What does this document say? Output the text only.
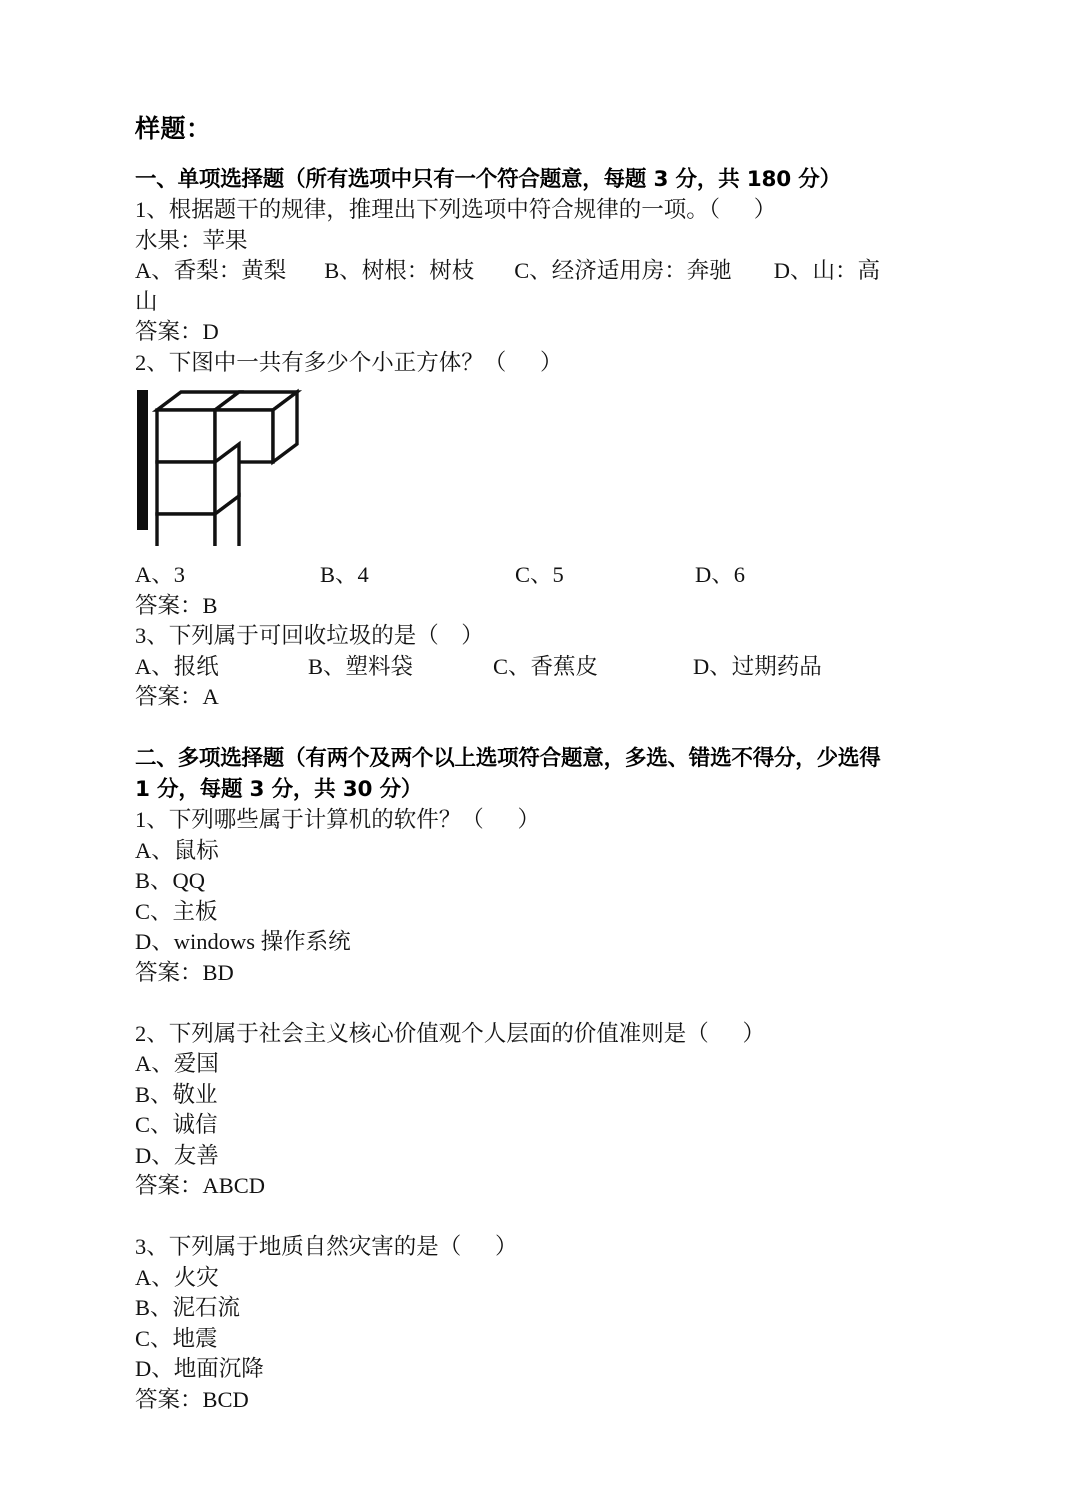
样题：

一、单项选择题（所有选项中只有一个符合题意，每题 3 分，共 180 分）

1、根据题干的规律，推理出下列选项中符合规律的一项。（      ）

水果：苹果

A、香梨：黄梨 B、树根：树枝 C、经济适用房：奔驰 D、山：高

山

答案：D

2、下图中一共有多少个小正方体？（      ）

A、3	B、4	C、5	D、6

答案：B

3、下列属于可回收垃圾的是（    ）

A、报纸	B、塑料袋	C、香蕉皮	D、过期药品

答案：A

二、多项选择题（有两个及两个以上选项符合题意，多选、错选不得分，少选得

1 分，每题 3 分，共 30 分）

1、下列哪些属于计算机的软件？（      ）

A、鼠标

B、QQ

C、主板

D、windows 操作系统

答案：BD

2、下列属于社会主义核心价值观个人层面的价值准则是（      ）

A、爱国

B、敬业

C、诚信

D、友善

答案：ABCD

3、下列属于地质自然灾害的是（      ）

A、火灾

B、泥石流

C、地震

D、地面沉降

答案：BCD
